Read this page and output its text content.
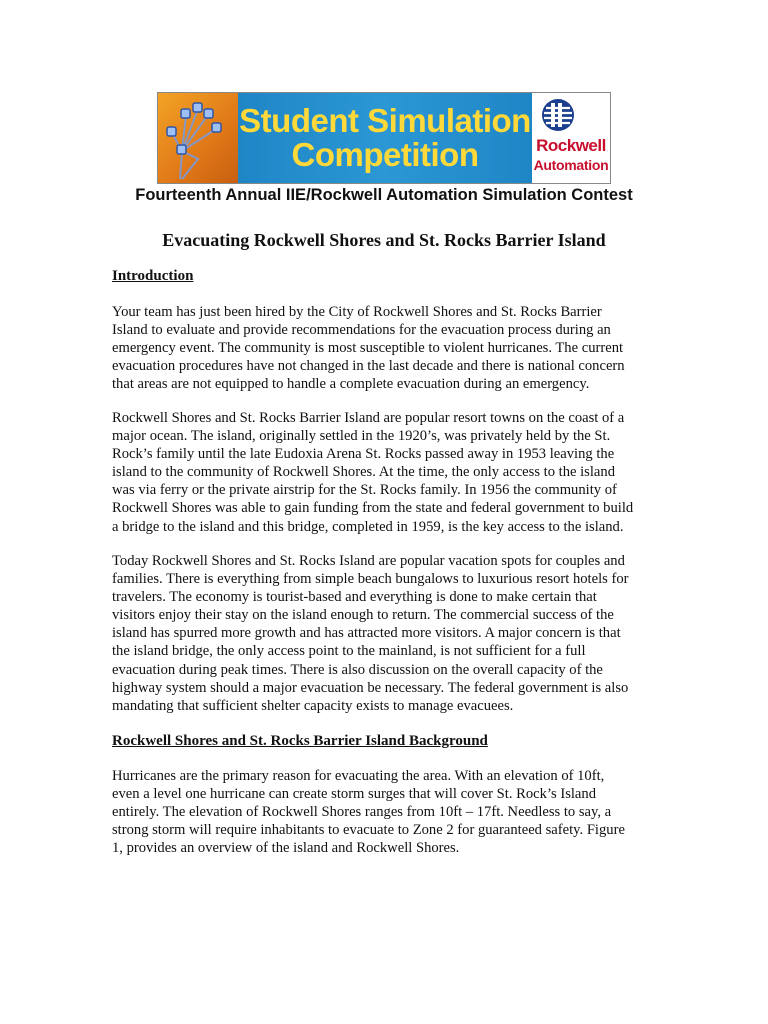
Student Simulation
Competition	Rockwell
Automation
Fourteenth Annual IIE/Rockwell Automation Simulation Contest
Evacuating Rockwell Shores and St. Rocks Barrier Island
Introduction

Your team has just been hired by the City of Rockwell Shores and St. Rocks Barrier
Island to evaluate and provide recommendations for the evacuation process during an
emergency event. The community is most susceptible to violent hurricanes. The current
evacuation procedures have not changed in the last decade and there is national concern
that areas are not equipped to handle a complete evacuation during an emergency.

Rockwell Shores and St. Rocks Barrier Island are popular resort towns on the coast of a
major ocean. The island, originally settled in the 1920’s, was privately held by the St.
Rock’s family until the late Eudoxia Arena St. Rocks passed away in 1953 leaving the
island to the community of Rockwell Shores. At the time, the only access to the island
was via ferry or the private airstrip for the St. Rocks family. In 1956 the community of
Rockwell Shores was able to gain funding from the state and federal government to build
a bridge to the island and this bridge, completed in 1959, is the key access to the island.

Today Rockwell Shores and St. Rocks Island are popular vacation spots for couples and
families. There is everything from simple beach bungalows to luxurious resort hotels for
travelers. The economy is tourist-based and everything is done to make certain that
visitors enjoy their stay on the island enough to return. The commercial success of the
island has spurred more growth and has attracted more visitors. A major concern is that
the island bridge, the only access point to the mainland, is not sufficient for a full
evacuation during peak times. There is also discussion on the overall capacity of the
highway system should a major evacuation be necessary. The federal government is also
mandating that sufficient shelter capacity exists to manage evacuees.

Rockwell Shores and St. Rocks Barrier Island Background

Hurricanes are the primary reason for evacuating the area. With an elevation of 10ft,
even a level one hurricane can create storm surges that will cover St. Rock’s Island
entirely. The elevation of Rockwell Shores ranges from 10ft – 17ft. Needless to say, a
strong storm will require inhabitants to evacuate to Zone 2 for guaranteed safety. Figure
1, provides an overview of the island and Rockwell Shores.
